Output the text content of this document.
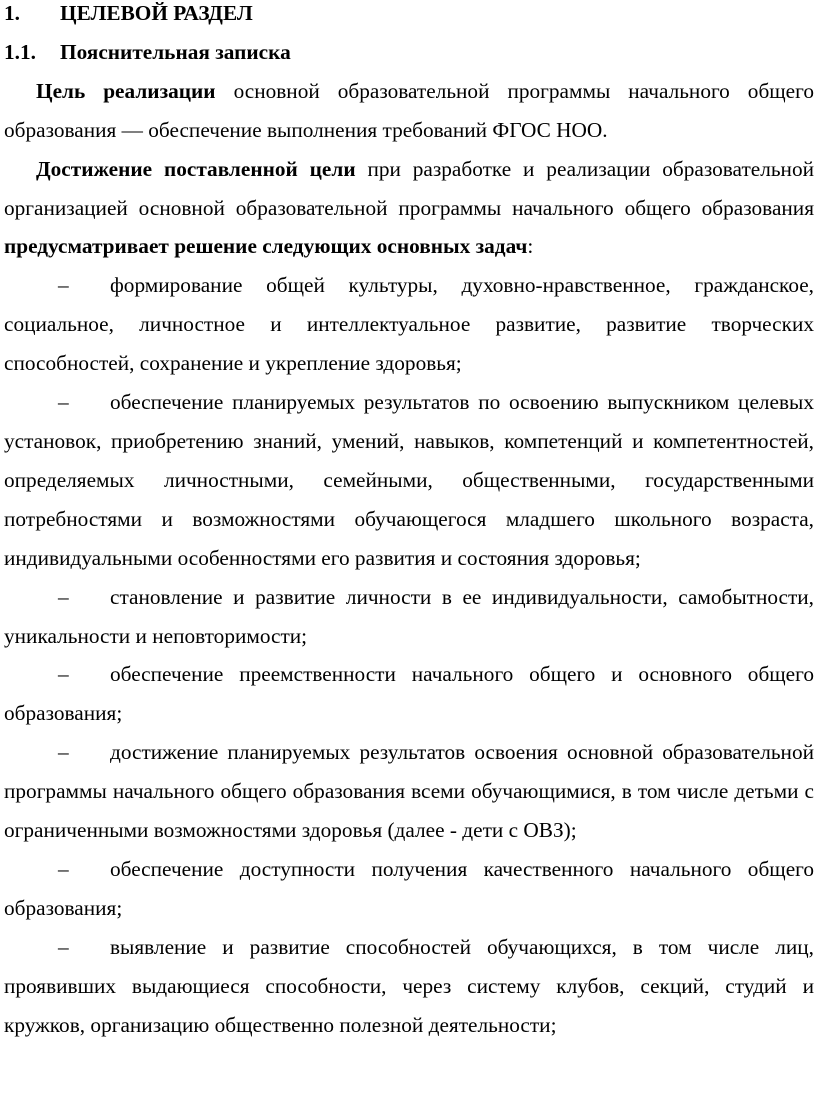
1. ЦЕЛЕВОЙ РАЗДЕЛ

1.1. Пояснительная записка

Цель реализации основной образовательной программы начального общего образования — обеспечение выполнения требований ФГОС НОО.

Достижение поставленной цели при разработке и реализации образовательной организацией основной образовательной программы начального общего образования предусматривает решение следующих основных задач:

– формирование общей культуры, духовно-нравственное, гражданское, социальное, личностное и интеллектуальное развитие, развитие творческих способностей, сохранение и укрепление здоровья;

– обеспечение планируемых результатов по освоению выпускником целевых установок, приобретению знаний, умений, навыков, компетенций и компетентностей, определяемых личностными, семейными, общественными, государственными потребностями и возможностями обучающегося младшего школьного возраста, индивидуальными особенностями его развития и состояния здоровья;

– становление и развитие личности в ее индивидуальности, самобытности, уникальности и неповторимости;

– обеспечение преемственности начального общего и основного общего образования;

– достижение планируемых результатов освоения основной образовательной программы начального общего образования всеми обучающимися, в том числе детьми с ограниченными возможностями здоровья (далее - дети с ОВЗ);

– обеспечение доступности получения качественного начального общего образования;

– выявление и развитие способностей обучающихся, в том числе лиц, проявивших выдающиеся способности, через систему клубов, секций, студий и кружков, организацию общественно полезной деятельности;
